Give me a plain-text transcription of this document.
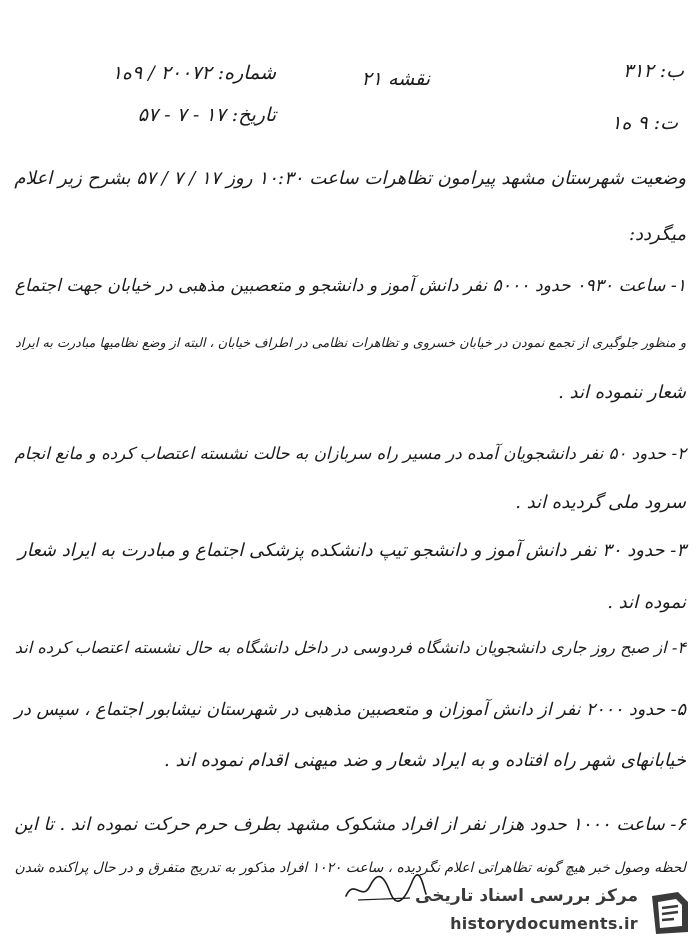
ب: ۳۱۲
نقشه ۲۱
شماره: ۲۰۰۷۲ / ۹ه۱
تاریخ: ۱۷ - ۷ - ۵۷	ت: ۹ ه۱
وضعیت شهرستان مشهد پیرامون تظاهرات ساعت ۱۰:۳۰ روز ۱۷ / ۷ / ۵۷ بشرح زیر اعلام
میگردد:
۱- ساعت ۰۹۳۰ حدود ۵۰۰۰ نفر دانش آموز و دانشجو و متعصبین مذهبی در خیابان جهت اجتماع
و منظور جلوگیری از تجمع نمودن در خیابان خسروی و تظاهرات نظامی در اطراف خیابان ، البته از وضع نظامیها مبادرت به ایراد
شعار ننموده اند .
۲- حدود ۵۰ نفر دانشجویان آمده در مسیر راه سربازان به حالت نشسته اعتصاب کرده و مانع انجام
سرود ملی گردیده اند .
۳- حدود ۳۰ نفر دانش آموز و دانشجو تیپ دانشکده پزشکی اجتماع و مبادرت به ایراد شعار
نموده اند .
۴- از صبح روز جاری دانشجویان دانشگاه فردوسی در داخل دانشگاه به حال نشسته اعتصاب کرده اند
۵- حدود ۲۰۰۰ نفر از دانش آموزان و متعصبین مذهبی در شهرستان نیشابور اجتماع ، سپس در
خیابانهای شهر راه افتاده و به ایراد شعار و ضد میهنی اقدام نموده اند .
۶- ساعت ۱۰۰۰ حدود هزار نفر از افراد مشکوک مشهد بطرف حرم حرکت نموده اند . تا این
لحظه وصول خبر هیچ گونه تظاهراتی اعلام نگردیده ، ساعت ۱۰۲۰ افراد مذکور به تدریج متفرق و در حال پراکنده شدن
مرکز بررسی اسناد تاریخی
historydocuments.ir
